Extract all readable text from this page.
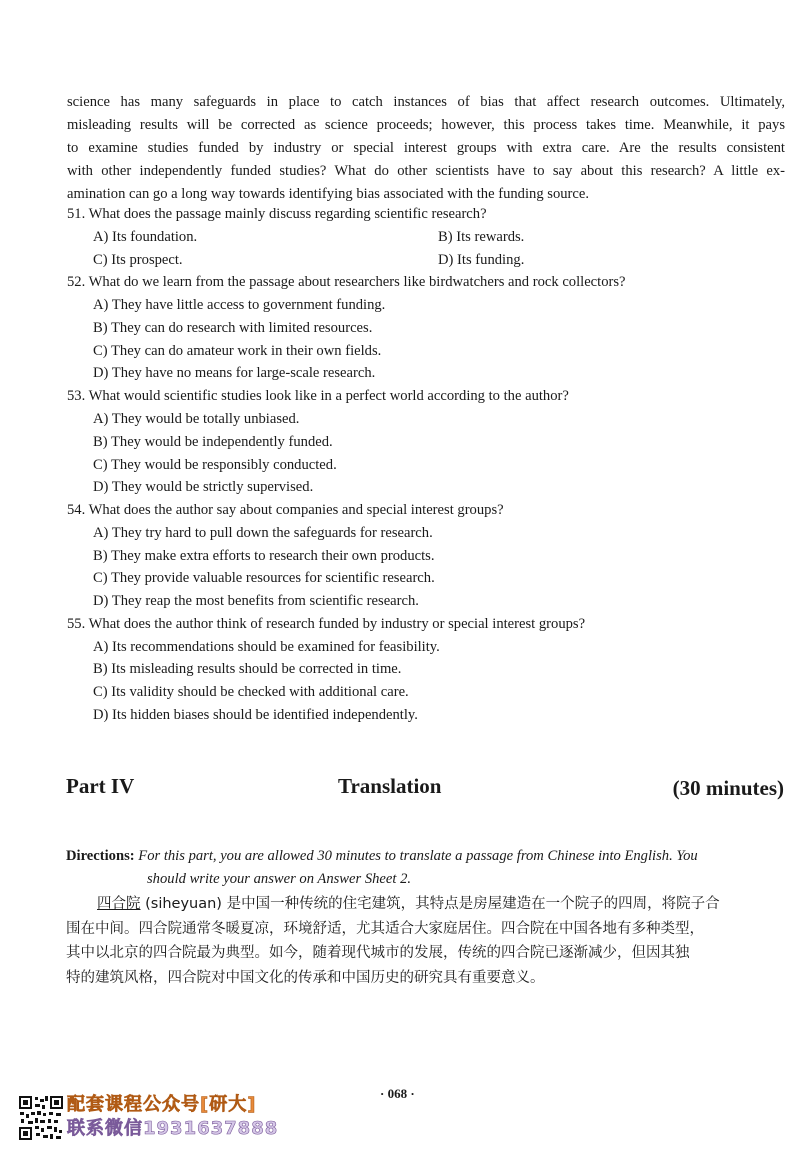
science has many safeguards in place to catch instances of bias that affect research outcomes. Ultimately,
misleading results will be corrected as science proceeds; however, this process takes time. Meanwhile, it pays
to examine studies funded by industry or special interest groups with extra care. Are the results consistent
with other independently funded studies? What do other scientists have to say about this research? A little ex-
amination can go a long way towards identifying bias associated with the funding source.
51. What does the passage mainly discuss regarding scientific research?
A) Its foundation.	B) Its rewards.
C) Its prospect.	D) Its funding.
52. What do we learn from the passage about researchers like birdwatchers and rock collectors?
A) They have little access to government funding.
B) They can do research with limited resources.
C) They can do amateur work in their own fields.
D) They have no means for large-scale research.
53. What would scientific studies look like in a perfect world according to the author?
A) They would be totally unbiased.
B) They would be independently funded.
C) They would be responsibly conducted.
D) They would be strictly supervised.
54. What does the author say about companies and special interest groups?
A) They try hard to pull down the safeguards for research.
B) They make extra efforts to research their own products.
C) They provide valuable resources for scientific research.
D) They reap the most benefits from scientific research.
55. What does the author think of research funded by industry or special interest groups?
A) Its recommendations should be examined for feasibility.
B) Its misleading results should be corrected in time.
C) Its validity should be checked with additional care.
D) Its hidden biases should be identified independently.
Part IV	Translation	(30 minutes)
Directions: For this part, you are allowed 30 minutes to translate a passage from Chinese into English. You
should write your answer on Answer Sheet 2.
四合院 (siheyuan) 是中国一种传统的住宅建筑，其特点是房屋建造在一个院子的四周，将院子合
围在中间。四合院通常冬暖夏凉，环境舒适，尤其适合大家庭居住。四合院在中国各地有多种类型，
其中以北京的四合院最为典型。如今，随着现代城市的发展，传统的四合院已逐渐减少，但因其独
特的建筑风格，四合院对中国文化的传承和中国历史的研究具有重要意义。
· 068 ·
配套课程公众号[研大]
联系微信1931637888
